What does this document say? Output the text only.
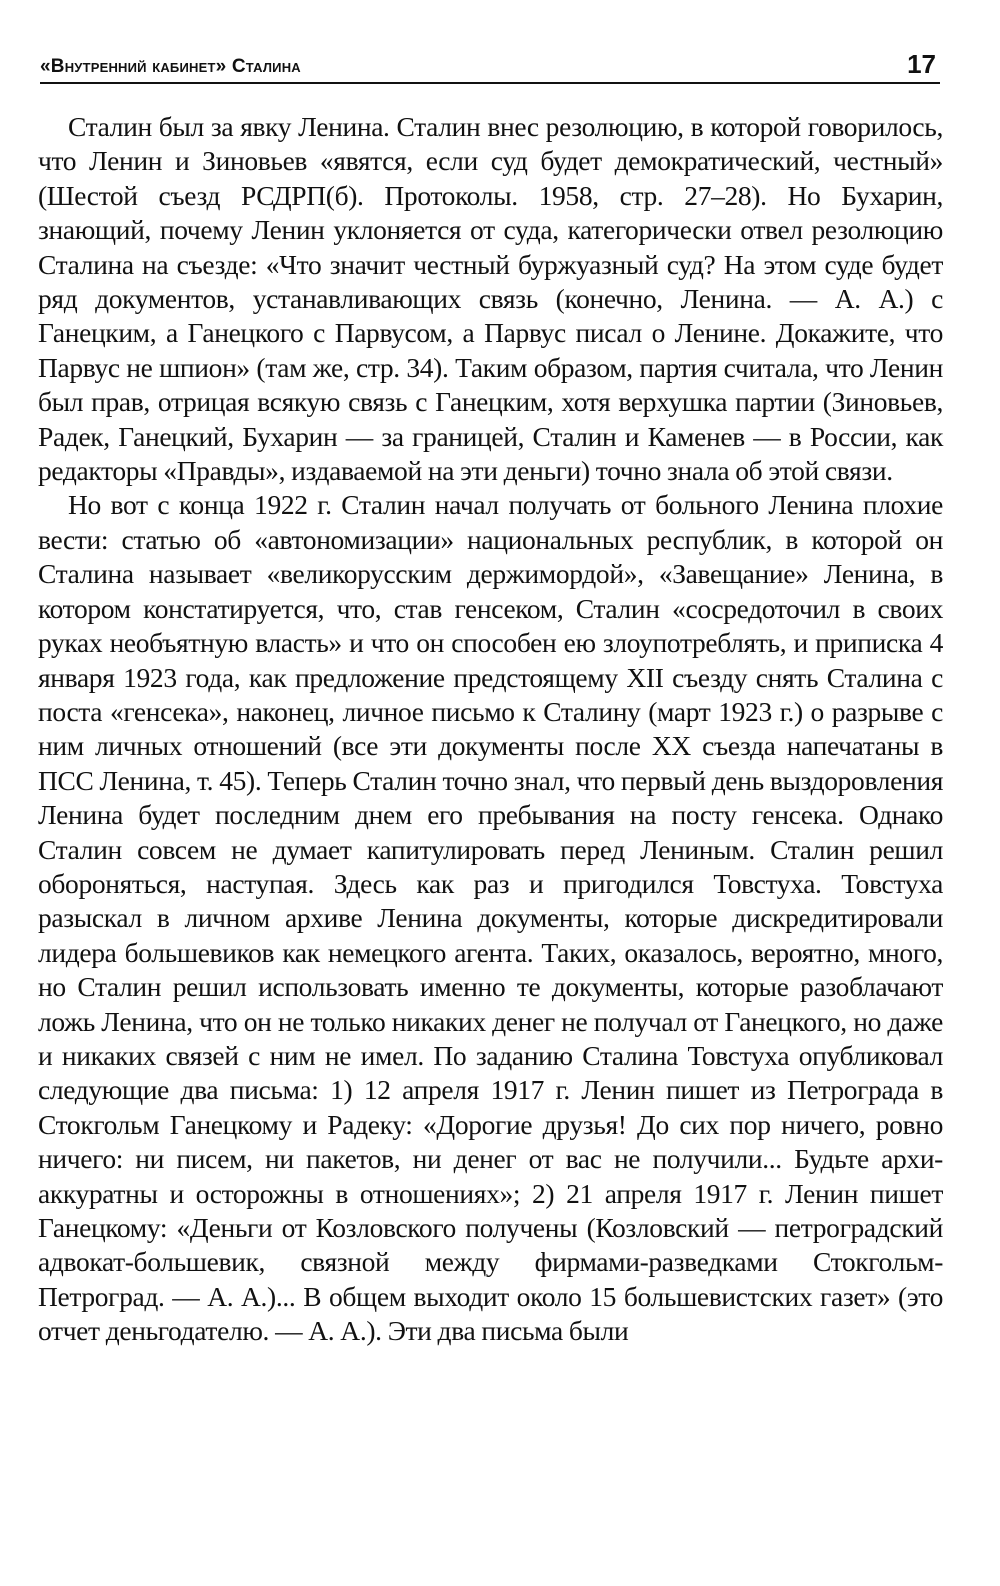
«Внутренний кабинет» Сталина	17

Сталин был за явку Ленина. Сталин внес резолюцию, в которой говорилось, что Ленин и Зиновьев «явятся, если суд будет демократический, честный» (Шестой съезд РСДРП(б). Протоколы. 1958, стр. 27–28). Но Бухарин, знающий, почему Ленин уклоняется от суда, категорически отвел резолюцию Сталина на съезде: «Что значит честный буржуазный суд? На этом суде будет ряд документов, устанавливающих связь (конечно, Ленина. — А. А.) с Ганецким, а Ганецкого с Парвусом, а Парвус писал о Ленине. Докажите, что Парвус не шпион» (там же, стр. 34). Таким образом, партия считала, что Ленин был прав, отрицая всякую связь с Ганецким, хотя верхушка партии (Зиновьев, Радек, Ганецкий, Бухарин — за границей, Сталин и Каменев — в России, как редакторы «Правды», издаваемой на эти деньги) точно знала об этой связи.

Но вот с конца 1922 г. Сталин начал получать от больного Ленина плохие вести: статью об «автономизации» национальных республик, в которой он Сталина называет «великорусским держимордой», «Завещание» Ленина, в котором констатируется, что, став генсеком, Сталин «сосредоточил в своих руках необъятную власть» и что он способен ею злоупотреблять, и приписка 4 января 1923 года, как предложение предстоящему XII съезду снять Сталина с поста «генсека», наконец, личное письмо к Сталину (март 1923 г.) о разрыве с ним личных отношений (все эти документы после XX съезда напечатаны в ПСС Ленина, т. 45). Теперь Сталин точно знал, что первый день выздоровления Ленина будет последним днем его пребывания на посту генсека. Однако Сталин совсем не думает капитулировать перед Лениным. Сталин решил обороняться, наступая. Здесь как раз и пригодился Товстуха. Товстуха разыскал в личном архиве Ленина документы, которые дискредитировали лидера большевиков как немецкого агента. Таких, оказалось, вероятно, много, но Сталин решил использовать именно те документы, которые разоблачают ложь Ленина, что он не только никаких денег не получал от Ганецкого, но даже и никаких связей с ним не имел. По заданию Сталина Товстуха опубликовал следующие два письма: 1) 12 апреля 1917 г. Ленин пишет из Петрограда в Стокгольм Ганецкому и Радеку: «Дорогие друзья! До сих пор ничего, ровно ничего: ни писем, ни пакетов, ни денег от вас не получили... Будьте архи-аккуратны и осторожны в отношениях»; 2) 21 апреля 1917 г. Ленин пишет Ганецкому: «Деньги от Козловского получены (Козловский — петроградский адвокат-большевик, связной между фирмами-разведками Стокгольм-Петроград. — А. А.)... В общем выходит около 15 большевистских газет» (это отчет деньгодателю. — А. А.). Эти два письма были
